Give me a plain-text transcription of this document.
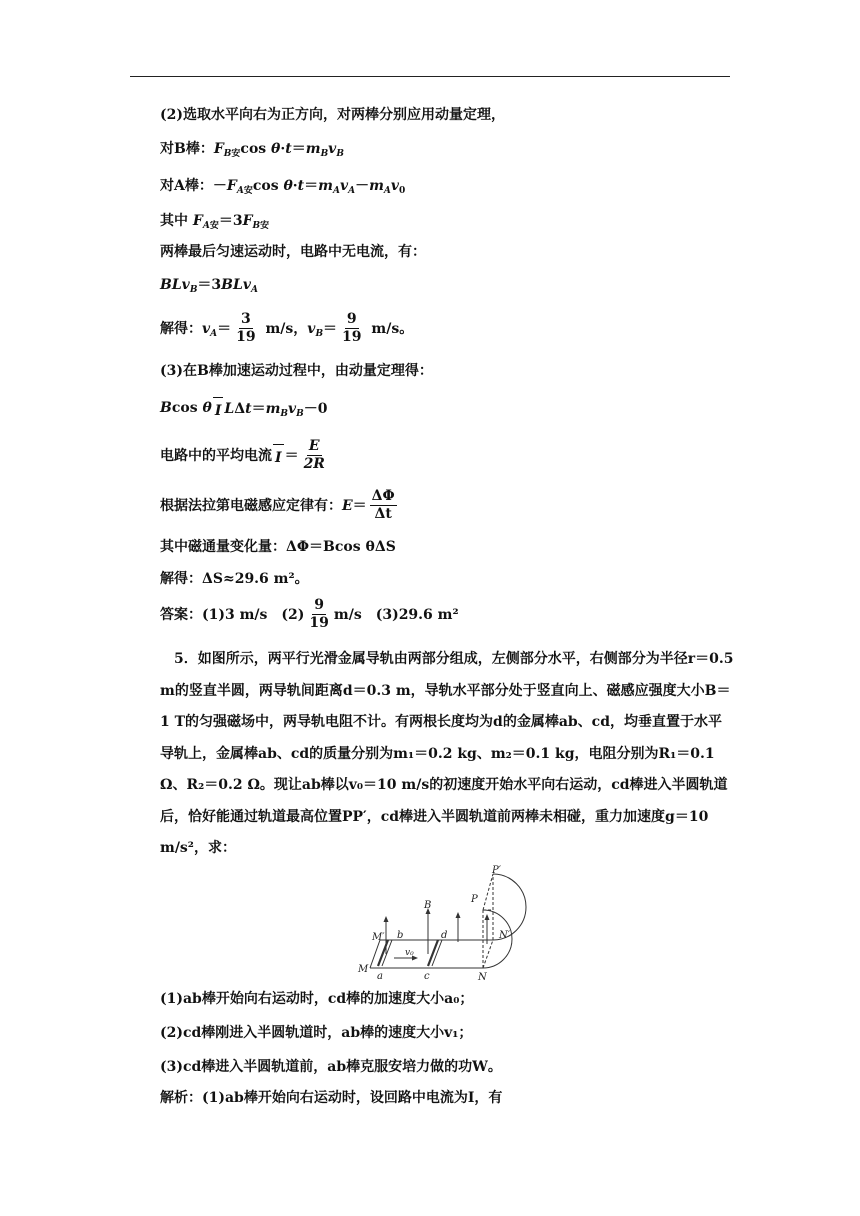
(2)选取水平向右为正方向，对两棒分别应用动量定理，
对B棒： $F_{B安}\cos$ $\theta\cdot t=m_Bv_B$
对A棒： $-F_{A安}\cos$ $\theta\cdot t=m_Av_A-m_Av_0$
其中 $F_{A安}=3F_{B安}$
两棒最后匀速运动时，电路中无电流，有：
BLv$_B$＝3BLv$_A$
解得： $v_A= \frac{3}{19} m/s$，$v_B= \frac{9}{19} m/s$。
(3)在B棒加速运动过程中，由动量定理得：
Bcos θ I $L\Delta t=m_Bv_B-0$
电路中的平均电流 $I = \frac{E}{2R}$
根据法拉第电磁感应定律有： $E= \frac{\Delta\Phi}{\Delta t}$
其中磁通量变化量：ΔΦ＝Bcos θΔS
解得：ΔS≈29.6 m²。
答案： (1)3 m/s　$(2) \frac{9}{19} m/s$　(3)29.6 m²

5．如图所示，两平行光滑金属导轨由两部分组成，左侧部分水平，右侧部分为半径r＝0.5 m的竖直半圆，两导轨间距离d＝0.3 m，导轨水平部分处于竖直向上、磁感应强度大小B＝1 T的匀强磁场中，两导轨电阻不计。有两根长度均为d的金属棒ab、cd，均垂直置于水平导轨上，金属棒ab、cd的质量分别为m₁＝0.2 kg、m₂＝0.1 kg，电阻分别为R₁＝0.1 Ω、R₂＝0.2 Ω。现让ab棒以v₀＝10 m/s的初速度开始水平向右运动，cd棒进入半圆轨道后，恰好能通过轨道最高位置PP′，cd棒进入半圆轨道前两棒未相碰，重力加速度g＝10 m/s²，求：

P′
P
B
M′ b
v₀
d	N′
M
a	c	N
(1)ab棒开始向右运动时，cd棒的加速度大小a₀；
(2)cd棒刚进入半圆轨道时，ab棒的速度大小v₁；
(3)cd棒进入半圆轨道前，ab棒克服安培力做的功W。
解析：(1)ab棒开始向右运动时，设回路中电流为I，有
